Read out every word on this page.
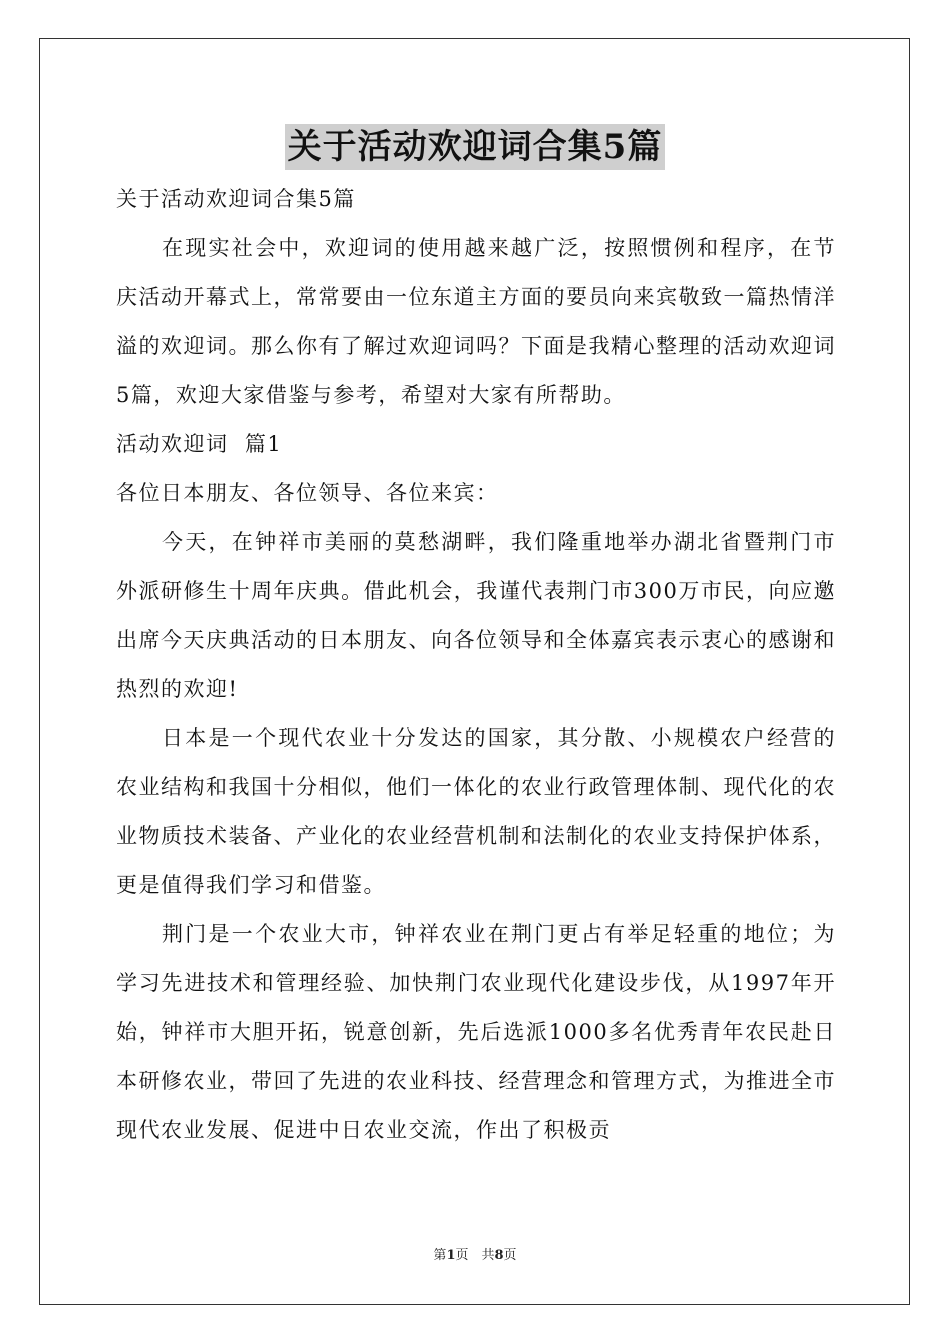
关于活动欢迎词合集5篇

关于活动欢迎词合集5篇

在现实社会中，欢迎词的使用越来越广泛，按照惯例和程序，在节庆活动开幕式上，常常要由一位东道主方面的要员向来宾敬致一篇热情洋溢的欢迎词。那么你有了解过欢迎词吗？下面是我精心整理的活动欢迎词5篇，欢迎大家借鉴与参考，希望对大家有所帮助。

活动欢迎词  篇1

各位日本朋友、各位领导、各位来宾：

今天，在钟祥市美丽的莫愁湖畔，我们隆重地举办湖北省暨荆门市外派研修生十周年庆典。借此机会，我谨代表荆门市300万市民，向应邀出席今天庆典活动的日本朋友、向各位领导和全体嘉宾表示衷心的感谢和热烈的欢迎!

日本是一个现代农业十分发达的国家，其分散、小规模农户经营的农业结构和我国十分相似，他们一体化的农业行政管理体制、现代化的农业物质技术装备、产业化的农业经营机制和法制化的农业支持保护体系，更是值得我们学习和借鉴。

荆门是一个农业大市，钟祥农业在荆门更占有举足轻重的地位；为学习先进技术和管理经验、加快荆门农业现代化建设步伐，从1997年开始，钟祥市大胆开拓，锐意创新，先后选派1000多名优秀青年农民赴日本研修农业，带回了先进的农业科技、经营理念和管理方式，为推进全市现代农业发展、促进中日农业交流，作出了积极贡

第1页　共8页
